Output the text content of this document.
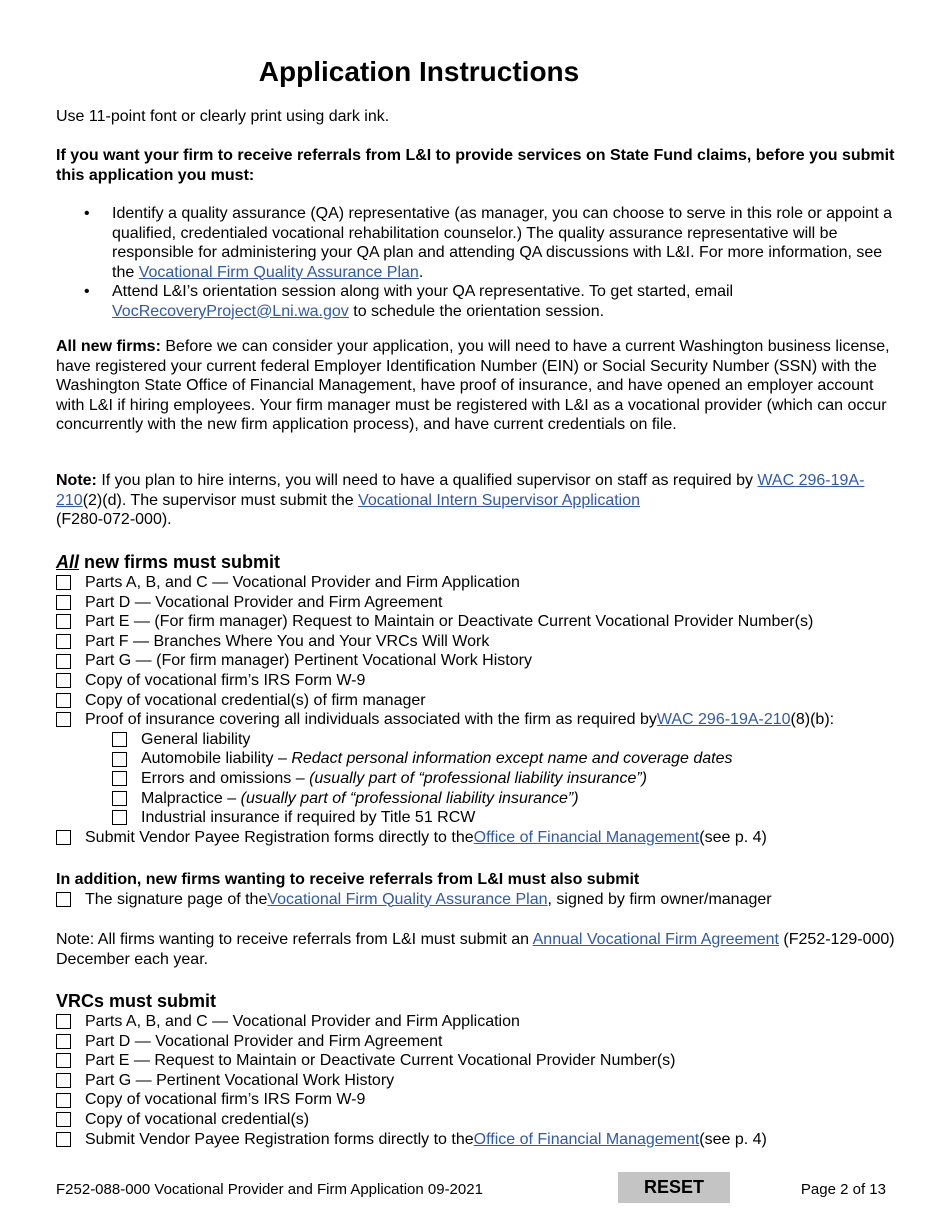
Application Instructions

Use 11-point font or clearly print using dark ink.

If you want your firm to receive referrals from L&I to provide services on State Fund claims, before you submit this application you must:

• Identify a quality assurance (QA) representative (as manager, you can choose to serve in this role or appoint a qualified, credentialed vocational rehabilitation counselor.) The quality assurance representative will be responsible for administering your QA plan and attending QA discussions with L&I. For more information, see the Vocational Firm Quality Assurance Plan.
• Attend L&I’s orientation session along with your QA representative. To get started, email VocRecoveryProject@Lni.wa.gov to schedule the orientation session.

All new firms: Before we can consider your application, you will need to have a current Washington business license, have registered your current federal Employer Identification Number (EIN) or Social Security Number (SSN) with the Washington State Office of Financial Management, have proof of insurance, and have opened an employer account with L&I if hiring employees. Your firm manager must be registered with L&I as a vocational provider (which can occur concurrently with the new firm application process), and have current credentials on file.

Note: If you plan to hire interns, you will need to have a qualified supervisor on staff as required by WAC 296-19A-210(2)(d). The supervisor must submit the Vocational Intern Supervisor Application
(F280-072-000).

All new firms must submit
Parts A, B, and C — Vocational Provider and Firm Application
Part D — Vocational Provider and Firm Agreement
Part E — (For firm manager) Request to Maintain or Deactivate Current Vocational Provider Number(s)
Part F — Branches Where You and Your VRCs Will Work
Part G — (For firm manager) Pertinent Vocational Work History
Copy of vocational firm’s IRS Form W-9
Copy of vocational credential(s) of firm manager
Proof of insurance covering all individuals associated with the firm as required by WAC 296-19A-210 (8)(b):
General liability
Automobile liability –
Redact personal information except name and coverage dates
Errors and omissions –
(usually part of “professional liability insurance”)
Malpractice –
(usually part of “professional liability insurance”)
Industrial insurance if required by Title 51 RCW
Submit Vendor Payee Registration forms directly to the Office of Financial Management (see p. 4)

In addition, new firms wanting to receive referrals from L&I must also submit

The signature page of the Vocational Firm Quality Assurance Plan , signed by firm owner/manager

Note: All firms wanting to receive referrals from L&I must submit an Annual Vocational Firm Agreement (F252-129-000) December each year.

VRCs must submit
Parts A, B, and C — Vocational Provider and Firm Application
Part D — Vocational Provider and Firm Agreement
Part E — Request to Maintain or Deactivate Current Vocational Provider Number(s)
Part G — Pertinent Vocational Work History
Copy of vocational firm’s IRS Form W-9
Copy of vocational credential(s)
Submit Vendor Payee Registration forms directly to the Office of Financial Management (see p. 4)
F252-088-000 Vocational Provider and Firm Application 09-2021	RESET	Page 2 of 13
